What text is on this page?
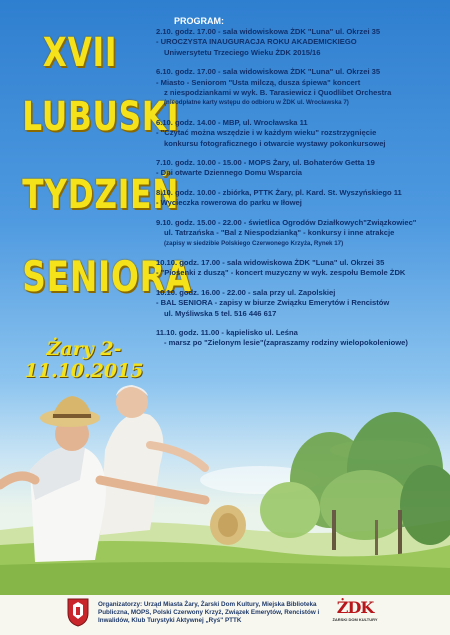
XVII
LUBUSKI
TYDZIEŃ
SENIORA
Żary 2-11.10.2015
PROGRAM:
2.10. godz. 17.00 - sala widowiskowa ŻDK "Luna" ul. Okrzei 35
- UROCZYSTA INAUGURACJA ROKU AKADEMICKIEGO
Uniwersytetu Trzeciego Wieku ŻDK 2015/16
6.10. godz. 17.00 - sala widowiskowa ŻDK "Luna" ul. Okrzei 35
- Miasto - Seniorom "Usta milczą, dusza śpiewa" koncert
z niespodziankami w wyk. B. Tarasiewicz i Quodlibet Orchestra
(nieodpłatne karty wstępu do odbioru w ŻDK ul. Wrocławska 7)
6.10. godz. 14.00 - MBP, ul. Wrocławska 11
- "Czytać można wszędzie i w każdym wieku" rozstrzygnięcie
konkursu fotograficznego i otwarcie wystawy pokonkursowej
7.10. godz. 10.00 - 15.00 - MOPS Żary, ul. Bohaterów Getta 19
- Dni otwarte Dziennego Domu Wsparcia
8.10. godz. 10.00 - zbiórka, PTTK Żary, pl. Kard. St. Wyszyńskiego 11
- Wycieczka rowerowa do parku w Iłowej
9.10. godz. 15.00 - 22.00 - świetlica Ogrodów Działkowych"Związkowiec"
ul. Tatrzańska - "Bal z Niespodzianką" - konkursy i inne atrakcje
(zapisy w siedzibie Polskiego Czerwonego Krzyża, Rynek 17)
10.10. godz. 17.00 - sala widowiskowa ŻDK "Luna" ul. Okrzei 35
- "Piosenki z duszą" - koncert muzyczny w wyk. zespołu Bemole ŻDK
10.10. godz. 16.00 - 22.00 - sala przy ul. Zapolskiej
- BAL SENIORA - zapisy w biurze Związku Emerytów i Rencistów
ul. Myśliwska 5 tel. 516 446 617
11.10. godz. 11.00 - kąpielisko ul. Leśna
- marsz po "Zielonym lesie"(zapraszamy rodziny wielopokoleniowe)
Organizatorzy: Urząd Miasta Żary, Żarski Dom Kultury, Miejska Biblioteka Publiczna, MOPS, Polski Czerwony Krzyż, Związek Emerytów, Rencistów i Inwalidów, Klub Turystyki Aktywnej „Ryś" PTTK
ŻDK
ŻARSKI DOM KULTURY
